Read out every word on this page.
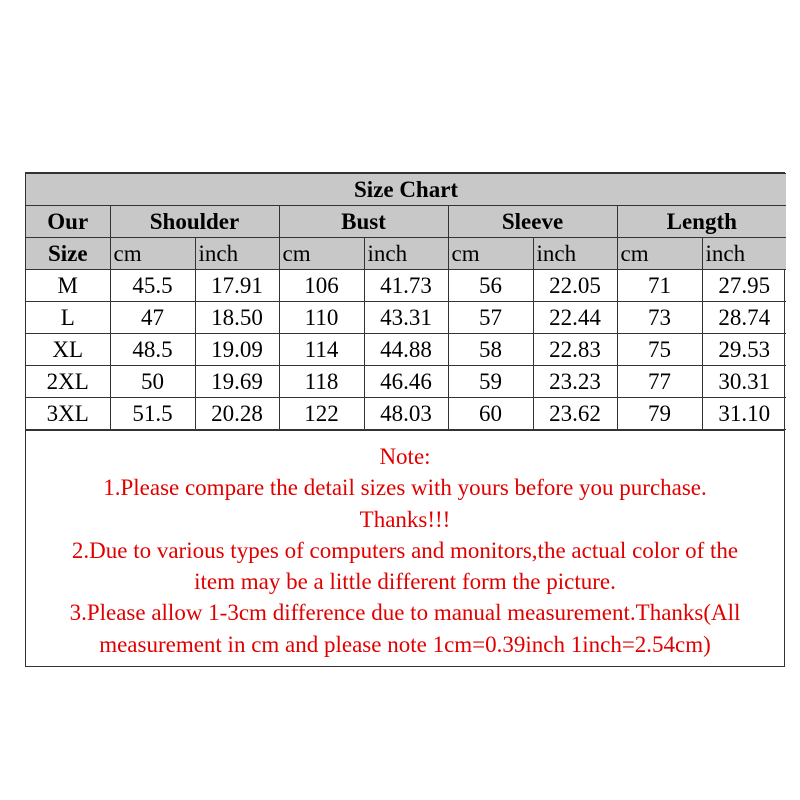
Size Chart								
Our	Shoulder		Bust		Sleeve		Length	
Size	cm	inch	cm	inch	cm	inch	cm	inch
M	45.5	17.91	106	41.73	56	22.05	71	27.95
L	47	18.50	110	43.31	57	22.44	73	28.74
XL	48.5	19.09	114	44.88	58	22.83	75	29.53
2XL	50	19.69	118	46.46	59	23.23	77	30.31
3XL	51.5	20.28	122	48.03	60	23.62	79	31.10
Note:
1.Please compare the detail sizes with yours before you purchase.
Thanks!!!
2.Due to various types of computers and monitors,the actual color of the
item may be a little different form the picture.
3.Please allow 1-3cm difference due to manual measurement.Thanks(All
measurement in cm and please note 1cm=0.39inch 1inch=2.54cm)
